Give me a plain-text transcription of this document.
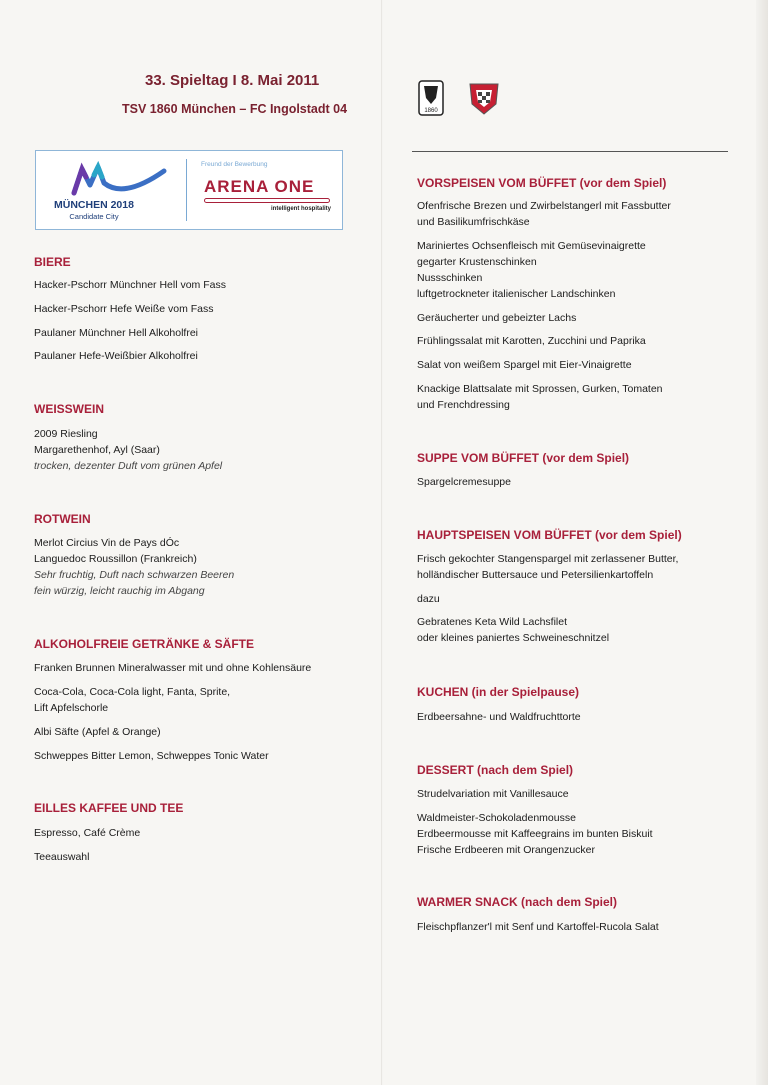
33. Spieltag I 8. Mai 2011
TSV 1860 München – FC Ingolstadt 04
MÜNCHEN 2018
Candidate City
Freund der Bewerbung
ARENA ONE
intelligent hospitality
1860
BIERE
Hacker-Pschorr Münchner Hell vom Fass
Hacker-Pschorr Hefe Weiße vom Fass
Paulaner Münchner Hell Alkoholfrei
Paulaner Hefe-Weißbier Alkoholfrei
WEISSWEIN
2009 Riesling
Margarethenhof, Ayl (Saar)
trocken, dezenter Duft vom grünen Apfel
ROTWEIN
Merlot Circius Vin de Pays dÓc
Languedoc Roussillon (Frankreich)
Sehr fruchtig, Duft nach schwarzen Beeren
fein würzig, leicht rauchig im Abgang
ALKOHOLFREIE GETRÄNKE & SÄFTE
Franken Brunnen Mineralwasser mit und ohne Kohlensäure
Coca-Cola, Coca-Cola light, Fanta, Sprite,
Lift Apfelschorle
Albi Säfte (Apfel & Orange)
Schweppes Bitter Lemon, Schweppes Tonic Water
EILLES KAFFEE UND TEE
Espresso, Café Crème
Teeauswahl
VORSPEISEN VOM BÜFFET (vor dem Spiel)
Ofenfrische Brezen und Zwirbelstangerl mit Fassbutter
und Basilikumfrischkäse
Mariniertes Ochsenfleisch mit Gemüsevinaigrette
gegarter Krustenschinken
Nussschinken
luftgetrockneter italienischer Landschinken
Geräucherter und gebeizter Lachs
Frühlingssalat mit Karotten, Zucchini und Paprika
Salat von weißem Spargel mit Eier-Vinaigrette
Knackige Blattsalate mit Sprossen, Gurken, Tomaten
und Frenchdressing
SUPPE VOM BÜFFET (vor dem Spiel)
Spargelcremesuppe
HAUPTSPEISEN VOM BÜFFET (vor dem Spiel)
Frisch gekochter Stangenspargel mit zerlassener Butter,
holländischer Buttersauce und Petersilienkartoffeln
dazu
Gebratenes Keta Wild Lachsfilet
oder kleines paniertes Schweineschnitzel
KUCHEN (in der Spielpause)
Erdbeersahne- und Waldfruchttorte
DESSERT (nach dem Spiel)
Strudelvariation mit Vanillesauce
Waldmeister-Schokoladenmousse
Erdbeermousse mit Kaffeegrains im bunten Biskuit
Frische Erdbeeren mit Orangenzucker
WARMER SNACK (nach dem Spiel)
Fleischpflanzer'l mit Senf und Kartoffel-Rucola Salat
